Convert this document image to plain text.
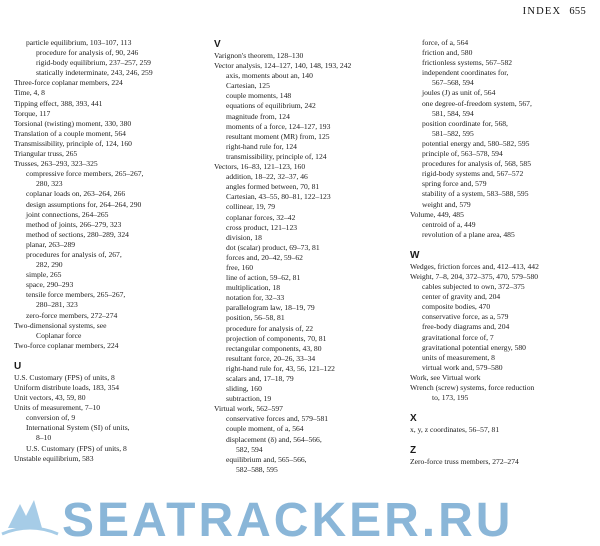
INDEX 655
particle equilibrium, 103–107, 113
procedure for analysis of, 90, 246
rigid-body equilibrium, 237–257, 259
statically indeterminate, 243, 246, 259
Three-force coplanar members, 224
Time, 4, 8
Tipping effect, 388, 393, 441
Torque, 117
Torsional (twisting) moment, 330, 380
Translation of a couple moment, 564
Transmissibility, principle of, 124, 160
Triangular truss, 265
Trusses, 263–293, 323–325
compressive force members, 265–267,
280, 323
coplanar loads on, 263–264, 266
design assumptions for, 264–264, 290
joint connections, 264–265
method of joints, 266–279, 323
method of sections, 280–289, 324
planar, 263–289
procedures for analysis of, 267,
282, 290
simple, 265
space, 290–293
tensile force members, 265–267,
280–281, 323
zero-force members, 272–274
Two-dimensional systems, see
Coplanar force
Two-force coplanar members, 224
U
U.S. Customary (FPS) of units, 8
Uniform distribute loads, 183, 354
Unit vectors, 43, 59, 80
Units of measurement, 7–10
conversion of, 9
International System (SI) of units,
8–10
U.S. Customary (FPS) of units, 8
Unstable equilibrium, 583
V
Varignon's theorem, 128–130
Vector analysis, 124–127, 140, 148, 193, 242
axis, moments about an, 140
Cartesian, 125
couple moments, 148
equations of equilibrium, 242
magnitude from, 124
moments of a force, 124–127, 193
resultant moment (MR) from, 125
right-hand rule for, 124
transmissibility, principle of, 124
Vectors, 16–83, 121–123, 160
addition, 18–22, 32–37, 46
angles formed between, 70, 81
Cartesian, 43–55, 80–81, 122–123
collinear, 19, 79
coplanar forces, 32–42
cross product, 121–123
division, 18
dot (scalar) product, 69–73, 81
forces and, 20–42, 59–62
free, 160
line of action, 59–62, 81
multiplication, 18
notation for, 32–33
parallelogram law, 18–19, 79
position, 56–58, 81
procedure for analysis of, 22
projection of components, 70, 81
rectangular components, 43, 80
resultant force, 20–26, 33–34
right-hand rule for, 43, 56, 121–122
scalars and, 17–18, 79
sliding, 160
subtraction, 19
Virtual work, 562–597
conservative forces and, 579–581
couple moment, of a, 564
displacement (δ) and, 564–566,
582, 594
equilibrium and, 565–566,
582–588, 595
force, of a, 564
friction and, 580
frictionless systems, 567–582
independent coordinates for,
567–568, 594
joules (J) as unit of, 564
one degree-of-freedom system, 567,
581, 584, 594
position coordinate for, 568,
581–582, 595
potential energy and, 580–582, 595
principle of, 563–578, 594
procedures for analysis of, 568, 585
rigid-body systems and, 567–572
spring force and, 579
stability of a system, 583–588, 595
weight and, 579
Volume, 449, 485
centroid of a, 449
revolution of a plane area, 485
W
Wedges, friction forces and, 412–413, 442
Weight, 7–8, 204, 372–375, 470, 579–580
cables subjected to own, 372–375
center of gravity and, 204
composite bodies, 470
conservative force, as a, 579
free-body diagrams and, 204
gravitational force of, 7
gravitational potential energy, 580
units of measurement, 8
virtual work and, 579–580
Work, see Virtual work
Wrench (screw) systems, force reduction
to, 173, 195
X
x, y, z coordinates, 56–57, 81
Z
Zero-force truss members, 272–274
SEATRACKER.RU
